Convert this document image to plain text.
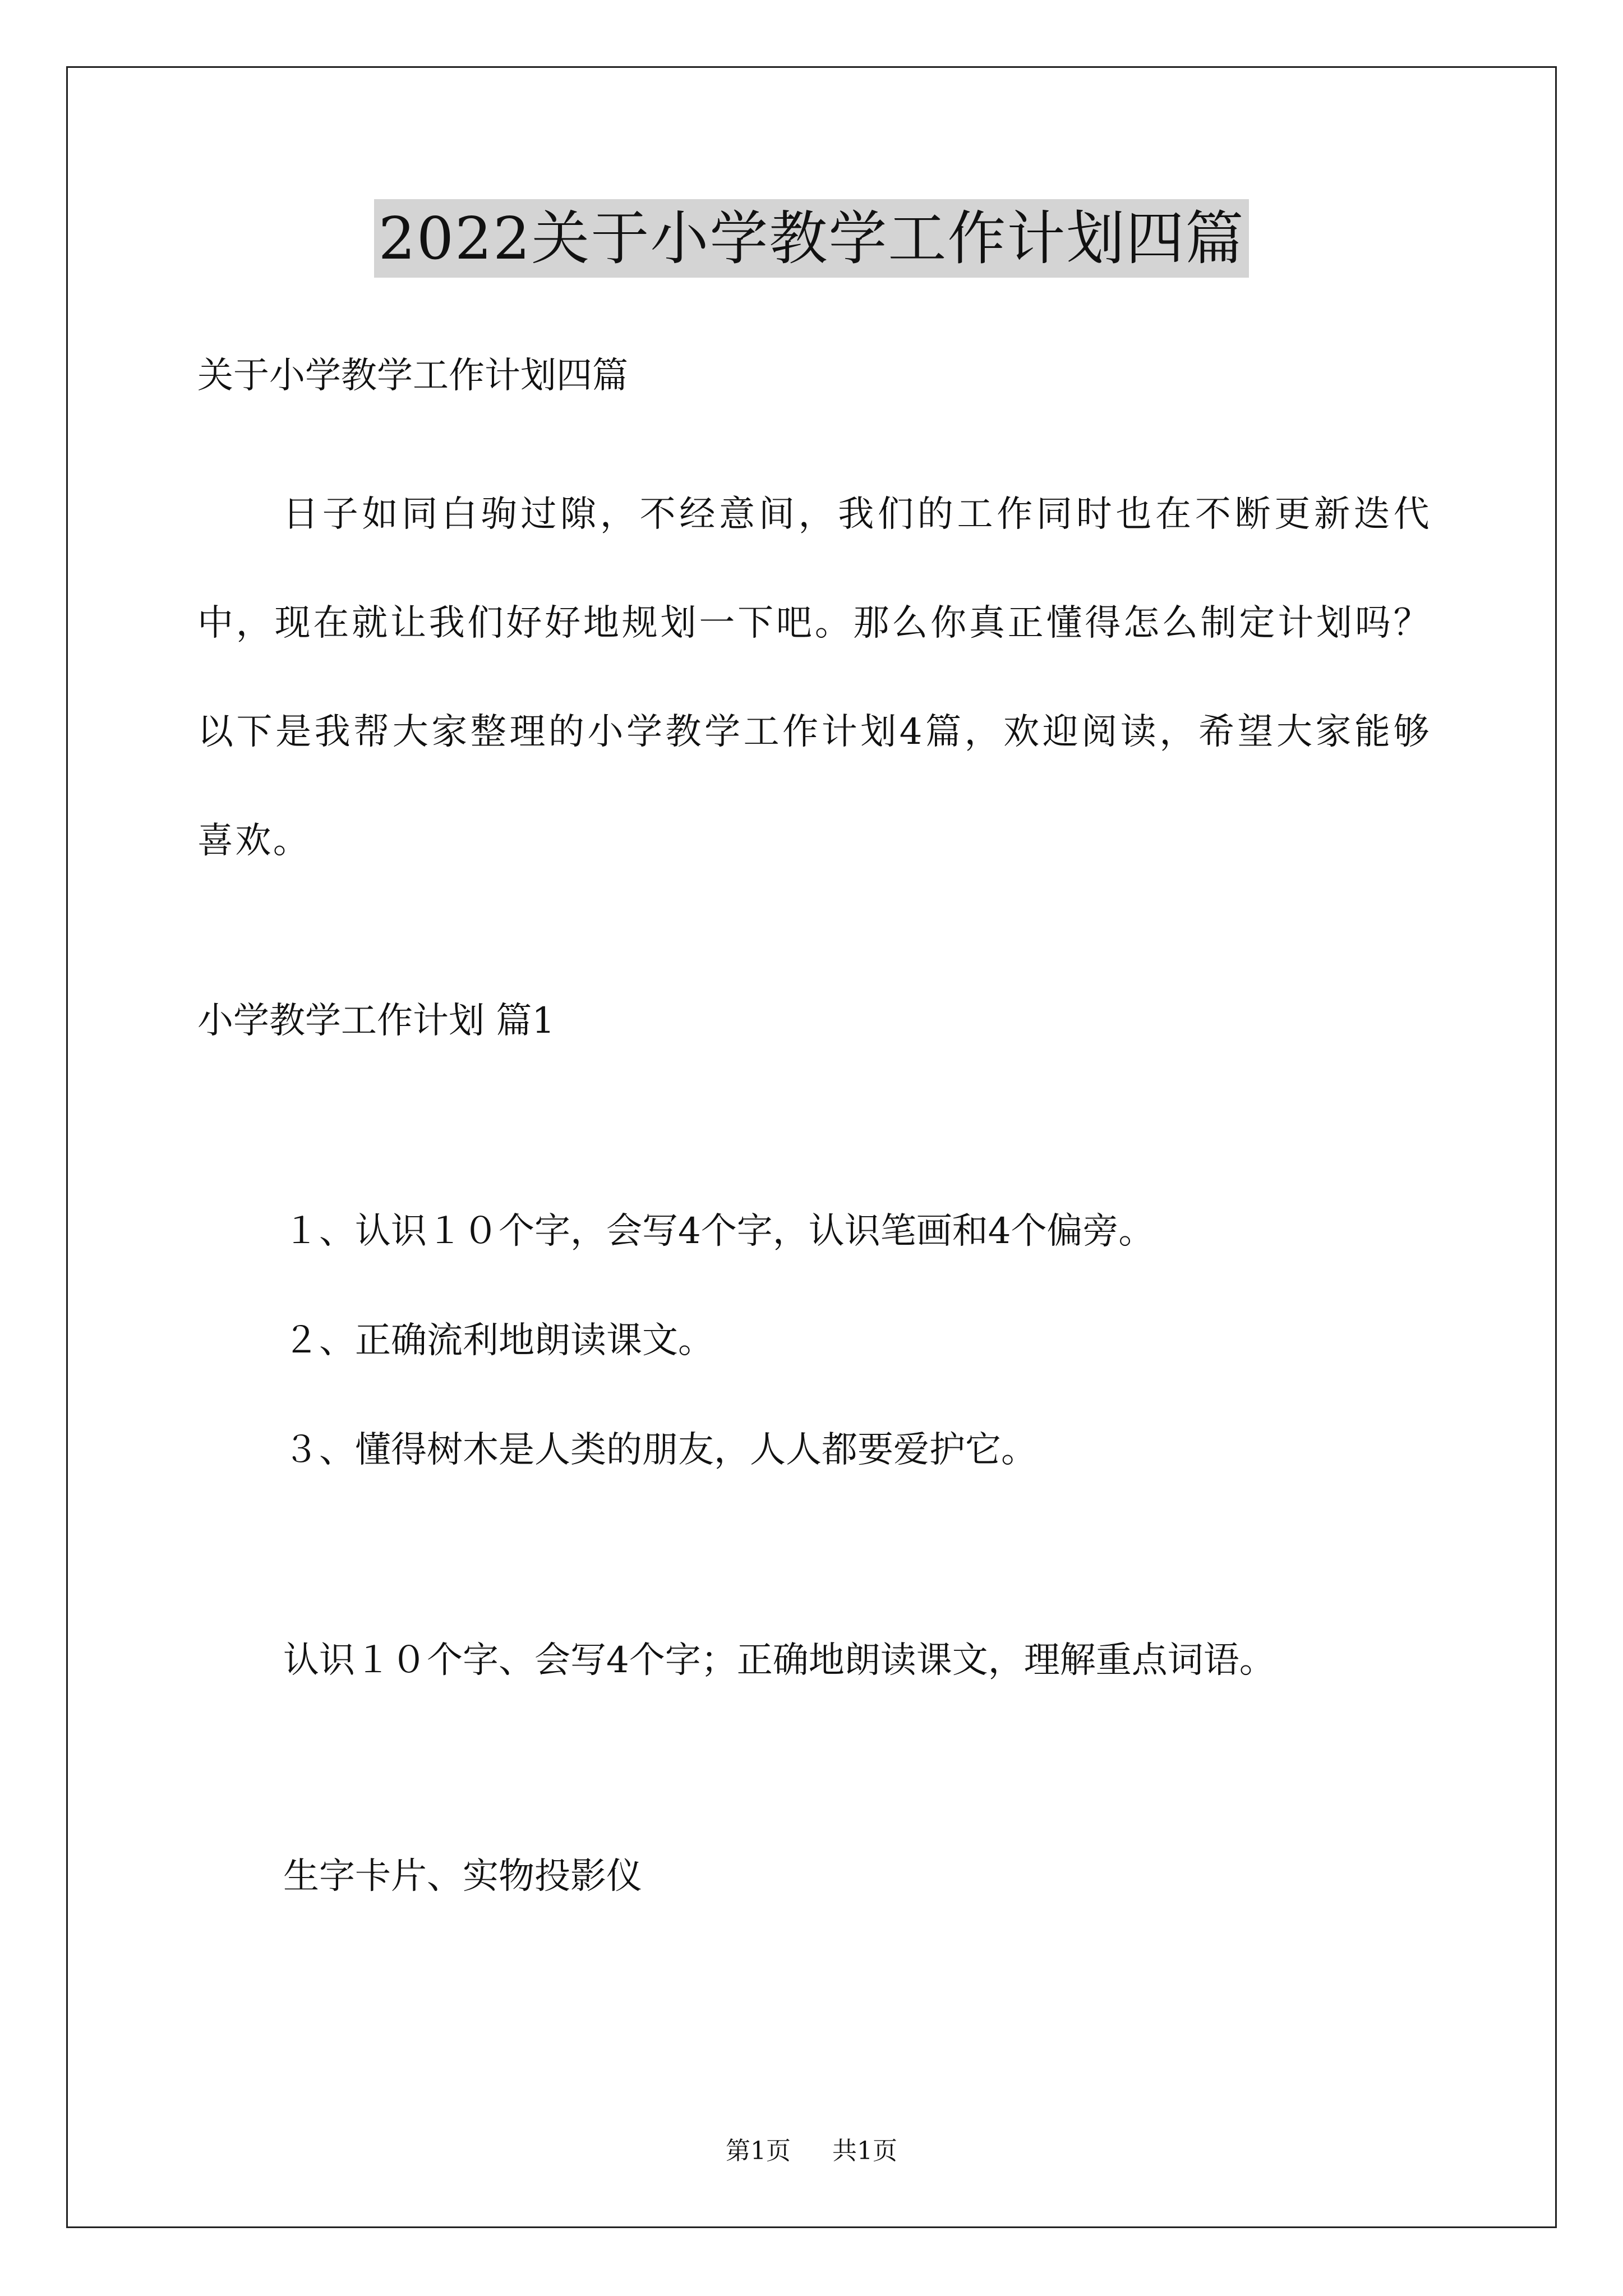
2022关于小学教学工作计划四篇
关于小学教学工作计划四篇

日子如同白驹过隙，不经意间，我们的工作同时也在不断更新迭代中，现在就让我们好好地规划一下吧。那么你真正懂得怎么制定计划吗？以下是我帮大家整理的小学教学工作计划4篇，欢迎阅读，希望大家能够喜欢。

小学教学工作计划 篇1
１、认识１０个字，会写4个字，认识笔画和4个偏旁。
２、正确流利地朗读课文。
３、懂得树木是人类的朋友，人人都要爱护它。
认识１０个字、会写4个字；正确地朗读课文，理解重点词语。
生字卡片、实物投影仪
第1页 共1页
